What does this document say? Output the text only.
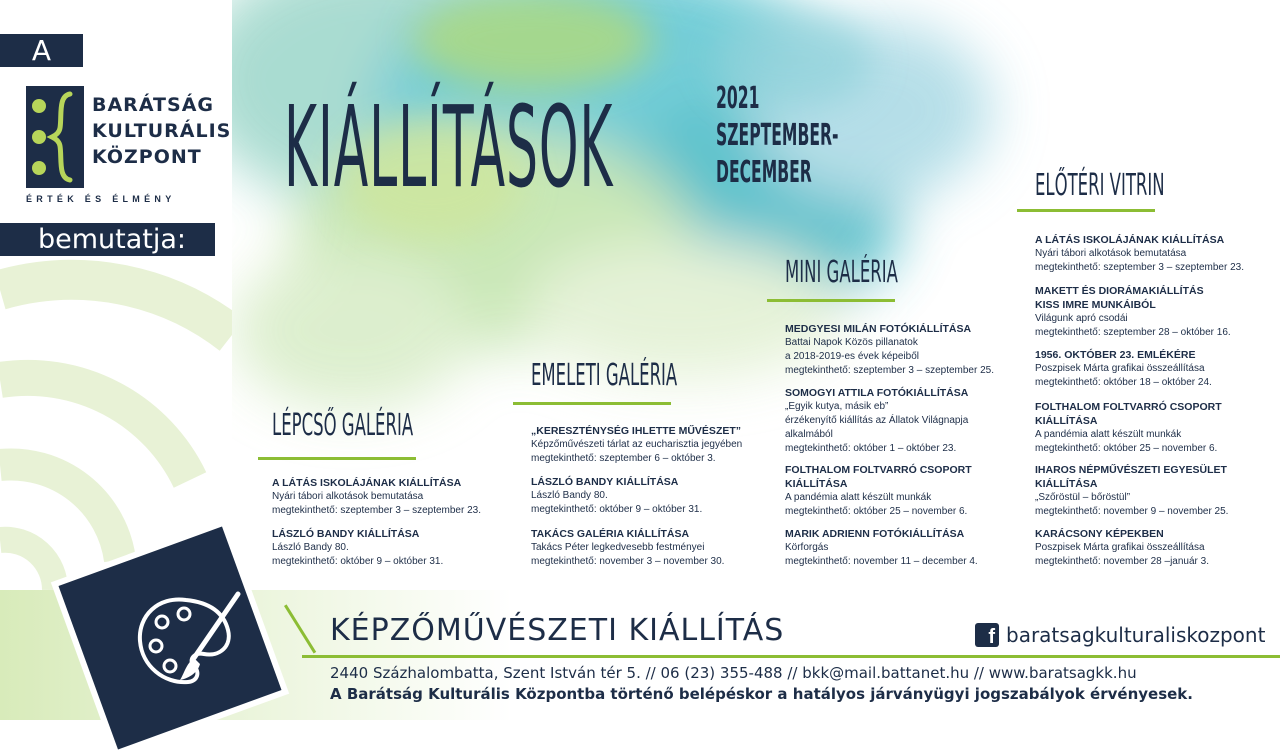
A
BARÁTSÁG
KULTURÁLIS
KÖZPONT
ÉRTÉK ÉS ÉLMÉNY
bemutatja:
KIÁLLÍTÁSOK	2021
SZEPTEMBER-
DECEMBER
LÉPCSŐ GALÉRIA
A LÁTÁS ISKOLÁJÁNAK KIÁLLÍTÁSA
Nyári tábori alkotások bemutatása
megtekinthető: szeptember 3 – szeptember 23.
LÁSZLÓ BANDY KIÁLLÍTÁSA
László Bandy 80.
megtekinthető: október 9 – október 31.
EMELETI GALÉRIA
„KERESZTÉNYSÉG IHLETTE MŰVÉSZET”
Képzőművészeti tárlat az eucharisztia jegyében
megtekinthető: szeptember 6 – október 3.
LÁSZLÓ BANDY KIÁLLÍTÁSA
László Bandy 80.
megtekinthető: október 9 – október 31.
TAKÁCS GALÉRIA KIÁLLÍTÁSA
Takács Péter legkedvesebb festményei
megtekinthető: november 3 – november 30.
MINI GALÉRIA
MEDGYESI MILÁN FOTÓKIÁLLÍTÁSA
Battai Napok Közös pillanatok
a 2018-2019-es évek képeiből
megtekinthető: szeptember 3 – szeptember 25.
SOMOGYI ATTILA FOTÓKIÁLLÍTÁSA
„Egyik kutya, másik eb”
érzékenyítő kiállítás az Állatok Világnapja
alkalmából
megtekinthető: október 1 – október 23.
FOLTHALOM FOLTVARRÓ CSOPORT
KIÁLLÍTÁSA
A pandémia alatt készült munkák
megtekinthető: október 25 – november 6.
MARIK ADRIENN FOTÓKIÁLLÍTÁSA
Körforgás
megtekinthető: november 11 – december 4.
ELŐTÉRI VITRIN
A LÁTÁS ISKOLÁJÁNAK KIÁLLÍTÁSA
Nyári tábori alkotások bemutatása
megtekinthető: szeptember 3 – szeptember 23.
MAKETT ÉS DIORÁMAKIÁLLÍTÁS
KISS IMRE MUNKÁIBÓL
Világunk apró csodái
megtekinthető: szeptember 28 – október 16.
1956. OKTÓBER 23. EMLÉKÉRE
Poszpisek Márta grafikai összeállítása
megtekinthető: október 18 – október 24.
FOLTHALOM FOLTVARRÓ CSOPORT
KIÁLLÍTÁSA
A pandémia alatt készült munkák
megtekinthető: október 25 – november 6.
IHAROS NÉPMŰVÉSZETI EGYESÜLET
KIÁLLÍTÁSA
„Szőröstül – bőröstül”
megtekinthető: november 9 – november 25.
KARÁCSONY KÉPEKBEN
Poszpisek Márta grafikai összeállítása
megtekinthető: november 28 –január 3.
KÉPZŐMŰVÉSZETI KIÁLLÍTÁS	f baratsagkulturaliskozpont
2440 Százhalombatta, Szent István tér 5. // 06 (23) 355-488 // bkk@mail.battanet.hu // www.baratsagkk.hu
A Barátság Kulturális Központba történő belépéskor a hatályos járványügyi jogszabályok érvényesek.
